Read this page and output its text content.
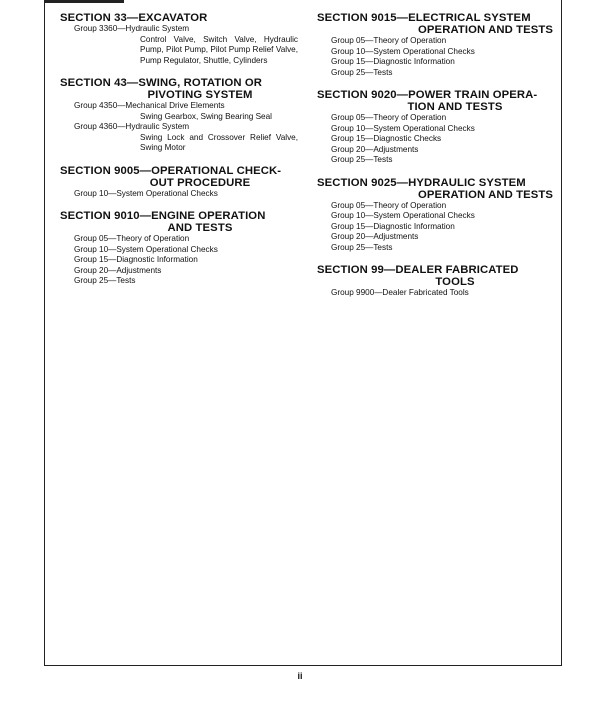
SECTION 33—EXCAVATOR
Group 3360—Hydraulic System
Control Valve, Switch Valve, Hydraulic Pump, Pilot Pump, Pilot Pump Relief Valve, Pump Regulator, Shuttle, Cylinders
SECTION 43—SWING, ROTATION OR
PIVOTING SYSTEM
Group 4350—Mechanical Drive Elements
Swing Gearbox, Swing Bearing Seal
Group 4360—Hydraulic System
Swing Lock and Crossover Relief Valve, Swing Motor
SECTION 9005—OPERATIONAL CHECK-
OUT PROCEDURE
Group 10—System Operational Checks
SECTION 9010—ENGINE OPERATION
AND TESTS
Group 05—Theory of Operation
Group 10—System Operational Checks
Group 15—Diagnostic Information
Group 20—Adjustments
Group 25—Tests
SECTION 9015—ELECTRICAL SYSTEM
OPERATION AND TESTS
Group 05—Theory of Operation
Group 10—System Operational Checks
Group 15—Diagnostic Information
Group 25—Tests
SECTION 9020—POWER TRAIN OPERA-
TION AND TESTS
Group 05—Theory of Operation
Group 10—System Operational Checks
Group 15—Diagnostic Checks
Group 20—Adjustments
Group 25—Tests
SECTION 9025—HYDRAULIC SYSTEM
OPERATION AND TESTS
Group 05—Theory of Operation
Group 10—System Operational Checks
Group 15—Diagnostic Information
Group 20—Adjustments
Group 25—Tests
SECTION 99—DEALER FABRICATED
TOOLS
Group 9900—Dealer Fabricated Tools
ii
